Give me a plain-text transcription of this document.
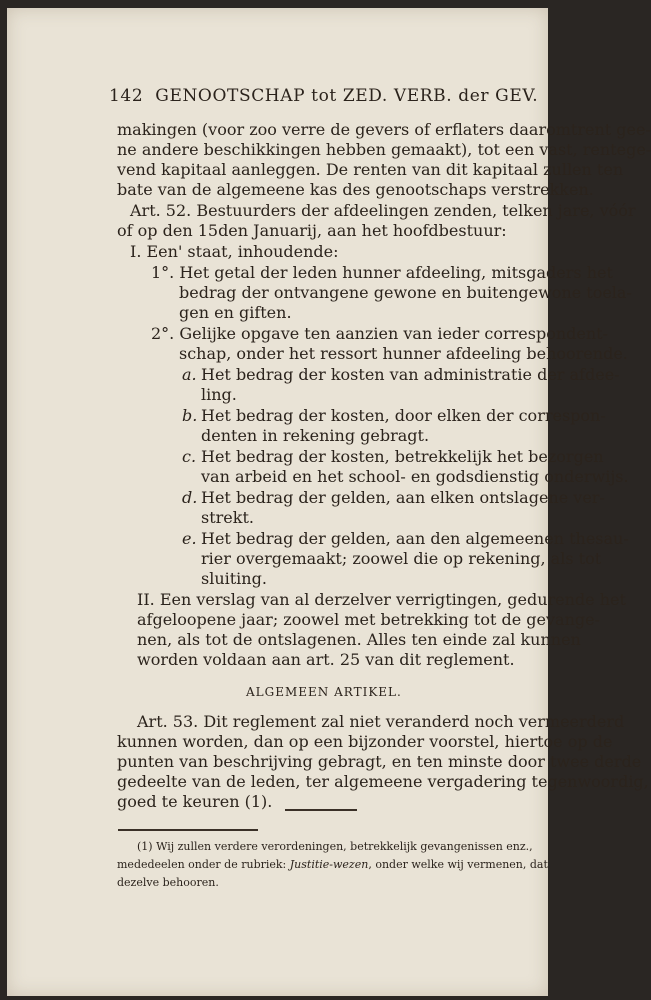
142 GENOOTSCHAP tot ZED. VERB. der GEV.
makingen (voor zoo verre de gevers of erflaters daaromtrent gee-
ne andere beschikkingen hebben gemaakt), tot een vast, rentege-
vend kapitaal aanleggen. De renten van dit kapitaal zullen ten
bate van de algemeene kas des genootschaps verstrekken.
Art. 52. Bestuurders der afdeelingen zenden, telken jare, vóór
of op den 15den Januarij, aan het hoofdbestuur:
I. Een' staat, inhoudende:
1°. Het getal der leden hunner afdeeling, mitsgaders het
bedrag der ontvangene gewone en buitengewone toela-
gen en giften.
2°. Gelijke opgave ten aanzien van ieder correspondent-
schap, onder het ressort hunner afdeeling behoorende.
a. Het bedrag der kosten van administratie der afdee-
ling.
b. Het bedrag der kosten, door elken der correspon-
denten in rekening gebragt.
c. Het bedrag der kosten, betrekkelijk het bezorgen
van arbeid en het school- en godsdienstig onderwijs.
d. Het bedrag der gelden, aan elken ontslagene ver-
strekt.
e. Het bedrag der gelden, aan den algemeenen thesau-
rier overgemaakt; zoowel die op rekening, als tot
sluiting.
II. Een verslag van al derzelver verrigtingen, gedurende het
afgeloopene jaar; zoowel met betrekking tot de gevange-
nen, als tot de ontslagenen. Alles ten einde zal kunnen
worden voldaan aan art. 25 van dit reglement.
ALGEMEEN ARTIKEL.
Art. 53. Dit reglement zal niet veranderd noch vermeerderd
kunnen worden, dan op een bijzonder voorstel, hiertoe op de
punten van beschrijving gebragt, en ten minste door twee derde
gedeelte van de leden, ter algemeene vergadering tegenwoordig,
goed te keuren (1).
(1) Wij zullen verdere verordeningen, betrekkelijk gevangenissen enz.,
mededeelen onder de rubriek: Justitie-wezen, onder welke wij vermenen, dat
dezelve behooren.
